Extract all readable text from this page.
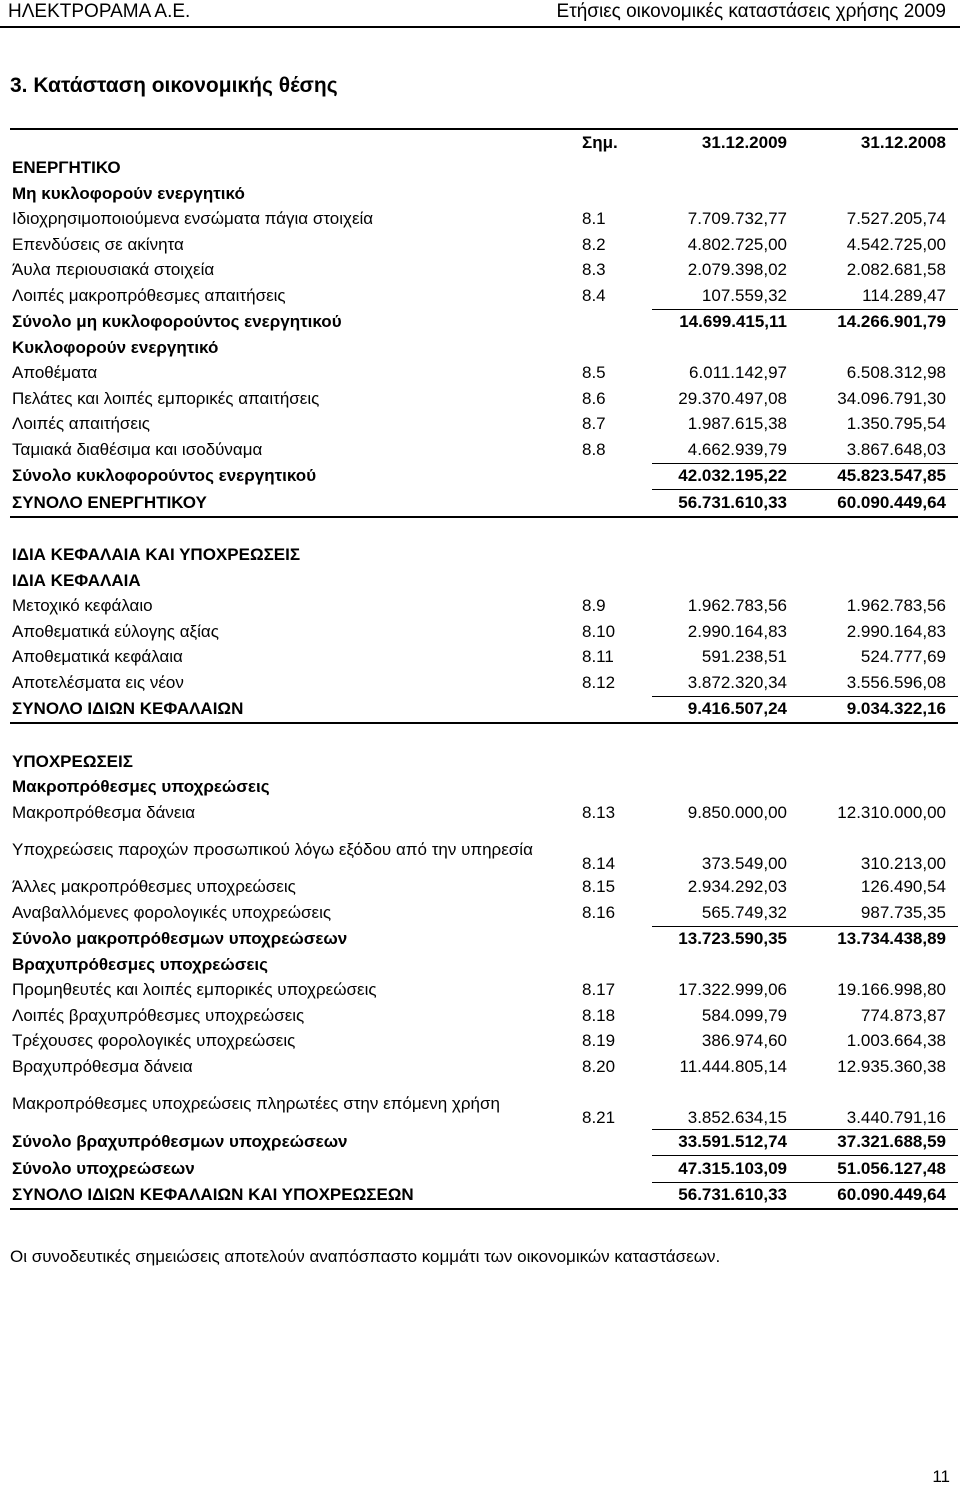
ΗΛΕΚΤΡΟΡΑΜΑ Α.Ε.	Ετήσιες οικονομικές καταστάσεις χρήσης 2009
3. Κατάσταση οικονομικής θέσης
	Σημ.	31.12.2009	31.12.2008
ΕΝΕΡΓΗΤΙΚΟ			
Μη κυκλοφορούν ενεργητικό			
Ιδιοχρησιμοποιούμενα ενσώματα πάγια στοιχεία	8.1	7.709.732,77	7.527.205,74
Επενδύσεις σε ακίνητα	8.2	4.802.725,00	4.542.725,00
Άυλα περιουσιακά στοιχεία	8.3	2.079.398,02	2.082.681,58
Λοιπές μακροπρόθεσμες απαιτήσεις	8.4	107.559,32	114.289,47
Σύνολο μη κυκλοφορούντος ενεργητικού		14.699.415,11	14.266.901,79
Κυκλοφορούν ενεργητικό			
Αποθέματα	8.5	6.011.142,97	6.508.312,98
Πελάτες και λοιπές εμπορικές απαιτήσεις	8.6	29.370.497,08	34.096.791,30
Λοιπές απαιτήσεις	8.7	1.987.615,38	1.350.795,54
Ταμιακά διαθέσιμα και ισοδύναμα	8.8	4.662.939,79	3.867.648,03
Σύνολο κυκλοφορούντος ενεργητικού		42.032.195,22	45.823.547,85
ΣΥΝΟΛΟ ΕΝΕΡΓΗΤΙΚΟΥ		56.731.610,33	60.090.449,64

ΙΔΙΑ ΚΕΦΑΛΑΙΑ ΚΑΙ ΥΠΟΧΡΕΩΣΕΙΣ			
ΙΔΙΑ ΚΕΦΑΛΑΙΑ			
Μετοχικό κεφάλαιο	8.9	1.962.783,56	1.962.783,56
Αποθεματικά εύλογης αξίας	8.10	2.990.164,83	2.990.164,83
Αποθεματικά κεφάλαια	8.11	591.238,51	524.777,69
Αποτελέσματα εις νέον	8.12	3.872.320,34	3.556.596,08
ΣΥΝΟΛΟ ΙΔΙΩΝ ΚΕΦΑΛΑΙΩΝ		9.416.507,24	9.034.322,16

ΥΠΟΧΡΕΩΣΕΙΣ			
Μακροπρόθεσμες υποχρεώσεις			
Μακροπρόθεσμα δάνεια	8.13	9.850.000,00	12.310.000,00
Υποχρεώσεις παροχών προσωπικού λόγω εξόδου από την υπηρεσία	8.14	373.549,00	310.213,00
Άλλες μακροπρόθεσμες υποχρεώσεις	8.15	2.934.292,03	126.490,54
Αναβαλλόμενες φορολογικές υποχρεώσεις	8.16	565.749,32	987.735,35
Σύνολο μακροπρόθεσμων υποχρεώσεων		13.723.590,35	13.734.438,89
Βραχυπρόθεσμες υποχρεώσεις			
Προμηθευτές και λοιπές εμπορικές υποχρεώσεις	8.17	17.322.999,06	19.166.998,80
Λοιπές βραχυπρόθεσμες υποχρεώσεις	8.18	584.099,79	774.873,87
Τρέχουσες φορολογικές υποχρεώσεις	8.19	386.974,60	1.003.664,38
Βραχυπρόθεσμα δάνεια	8.20	11.444.805,14	12.935.360,38
Μακροπρόθεσμες υποχρεώσεις πληρωτέες στην επόμενη χρήση	8.21	3.852.634,15	3.440.791,16
Σύνολο βραχυπρόθεσμων υποχρεώσεων		33.591.512,74	37.321.688,59
Σύνολο υποχρεώσεων		47.315.103,09	51.056.127,48
ΣΥΝΟΛΟ ΙΔΙΩΝ ΚΕΦΑΛΑΙΩΝ ΚΑΙ ΥΠΟΧΡΕΩΣΕΩΝ		56.731.610,33	60.090.449,64
Οι συνοδευτικές σημειώσεις αποτελούν αναπόσπαστο κομμάτι των οικονομικών καταστάσεων.
11
